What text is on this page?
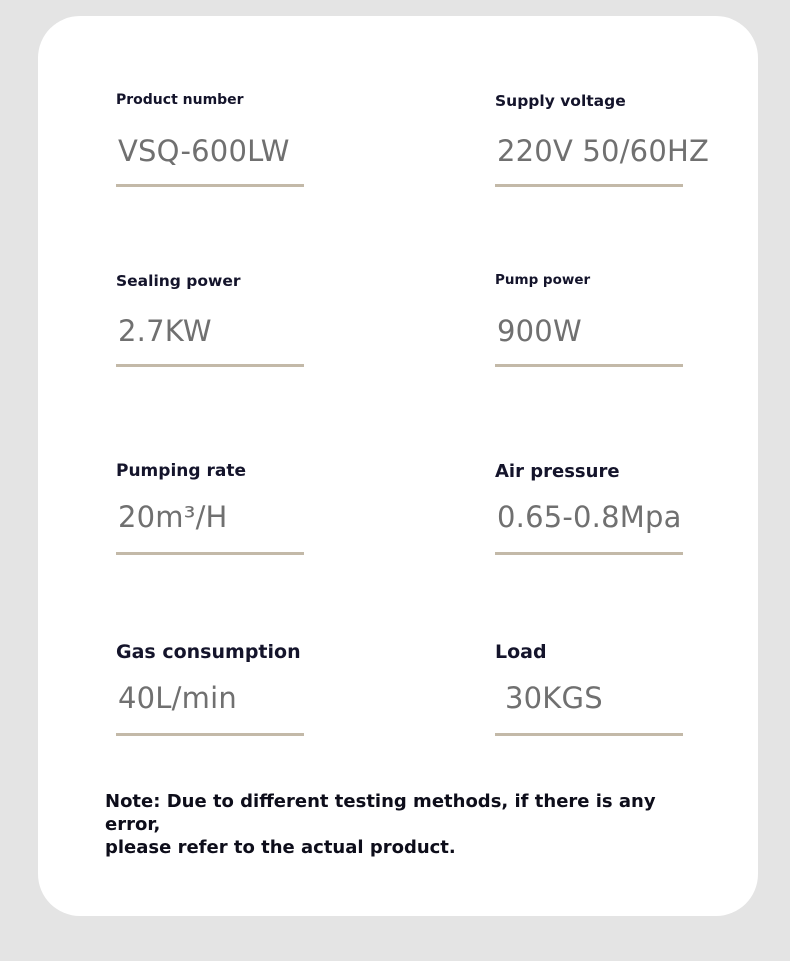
Product number
VSQ-600LW
Supply voltage
220V 50/60HZ
Sealing power
2.7KW
Pump power
900W
Pumping rate
20m³/H
Air pressure
0.65-0.8Mpa
Gas consumption
40L/min
Load
30KGS
Note: Due to different testing methods, if there is any error,
please refer to the actual product.
